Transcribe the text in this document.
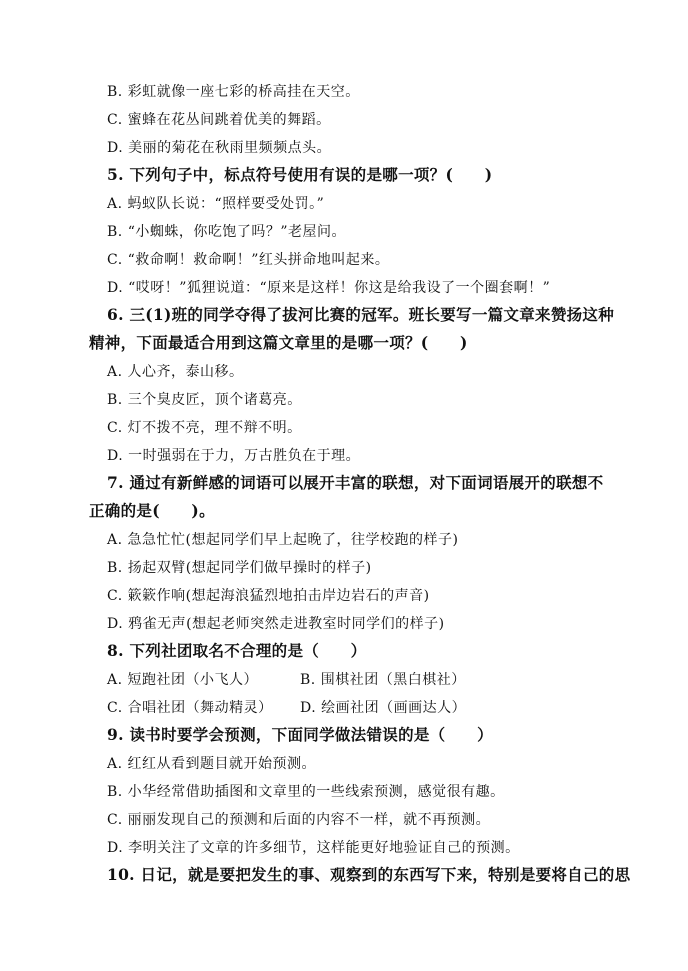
B. 彩虹就像一座七彩的桥高挂在天空。
C. 蜜蜂在花丛间跳着优美的舞蹈。
D. 美丽的菊花在秋雨里频频点头。
5. 下列句子中，标点符号使用有误的是哪一项？(　　)
A. 蚂蚁队长说：“照样要受处罚。”
B. “小蜘蛛，你吃饱了吗？”老屋问。
C. “救命啊！救命啊！”红头拼命地叫起来。
D. “哎呀！”狐狸说道：“原来是这样！你这是给我设了一个圈套啊！”
6. 三(1)班的同学夺得了拔河比赛的冠军。班长要写一篇文章来赞扬这种
精神，下面最适合用到这篇文章里的是哪一项？(　　)
A. 人心齐，泰山移。
B. 三个臭皮匠，顶个诸葛亮。
C. 灯不拨不亮，理不辩不明。
D. 一时强弱在于力，万古胜负在于理。
7. 通过有新鲜感的词语可以展开丰富的联想，对下面词语展开的联想不
正确的是(　　)。
A. 急急忙忙(想起同学们早上起晚了，往学校跑的样子)
B. 扬起双臂(想起同学们做早操时的样子)
C. 簌簌作响(想起海浪猛烈地拍击岸边岩石的声音)
D. 鸦雀无声(想起老师突然走进教室时同学们的样子)
8. 下列社团取名不合理的是（　　）
A. 短跑社团（小飞人）	B. 围棋社团（黑白棋社）
C. 合唱社团（舞动精灵） D. 绘画社团（画画达人）
9. 读书时要学会预测，下面同学做法错误的是（　　）
A. 红红从看到题目就开始预测。
B. 小华经常借助插图和文章里的一些线索预测，感觉很有趣。
C. 丽丽发现自己的预测和后面的内容不一样，就不再预测。
D. 李明关注了文章的许多细节，这样能更好地验证自己的预测。
10. 日记，就是要把发生的事、观察到的东西写下来，特别是要将自己的思
